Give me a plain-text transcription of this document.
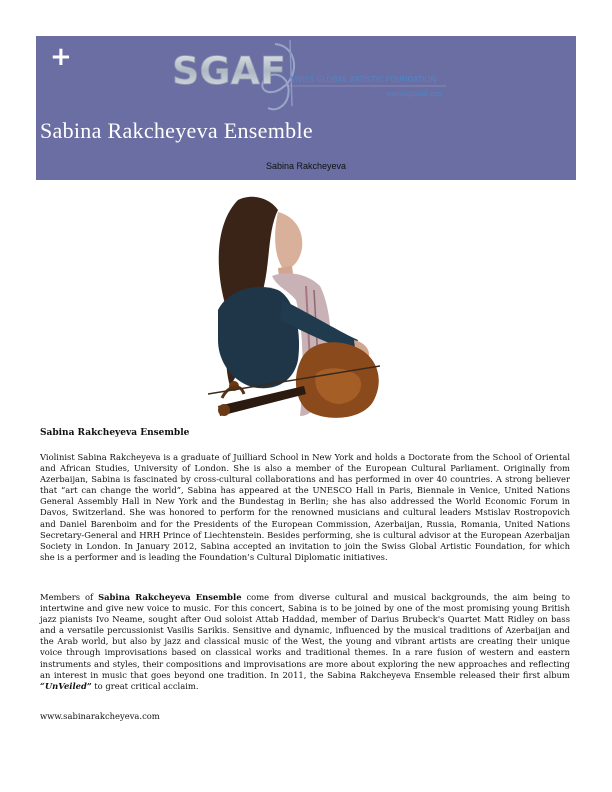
+	SGAF SWISS GLOBAL ARTISTIC FOUNDATION
swissglobal.org
Sabina Rakcheyeva Ensemble
Sabina Rakcheyeva
Sabina Rakcheyeva Ensemble

Violinist Sabina Rakcheyeva is a graduate of Juilliard School in New York and holds a Doctorate from the School of Oriental and African Studies, University of London. She is also a member of the European Cultural Parliament. Originally from Azerbaijan, Sabina is fascinated by cross-cultural collaborations and has performed in over 40 countries. A strong believer that “art can change the world”, Sabina has appeared at the UNESCO Hall in Paris, Biennale in Venice, United Nations General Assembly Hall in New York and the Bundestag in Berlin; she has also addressed the World Economic Forum in Davos, Switzerland. She was honored to perform for the renowned musicians and cultural leaders Mstislav Rostropovich and Daniel Barenboim and for the Presidents of the European Commission, Azerbaijan, Russia, Romania, United Nations Secretary-General and HRH Prince of Liechtenstein. Besides performing, she is cultural advisor at the European Azerbaijan Society in London. In January 2012, Sabina accepted an invitation to join the Swiss Global Artistic Foundation, for which she is a performer and is leading the Foundation’s Cultural Diplomatic initiatives.

Members of Sabina Rakcheyeva Ensemble come from diverse cultural and musical backgrounds, the aim being to intertwine and give new voice to music. For this concert, Sabina is to be joined by one of the most promising young British jazz pianists Ivo Neame, sought after Oud soloist Attab Haddad, member of Darius Brubeck's Quartet Matt Ridley on bass and a versatile percussionist Vasilis Sarikis. Sensitive and dynamic, influenced by the musical traditions of Azerbaijan and the Arab world, but also by jazz and classical music of the West, the young and vibrant artists are creating their unique voice through improvisations based on classical works and traditional themes. In a rare fusion of western and eastern instruments and styles, their compositions and improvisations are more about exploring the new approaches and reflecting an interest in music that goes beyond one tradition. In 2011, the Sabina Rakcheyeva Ensemble released their first album “UnVeiled” to great critical acclaim.

www.sabinarakcheyeva.com
